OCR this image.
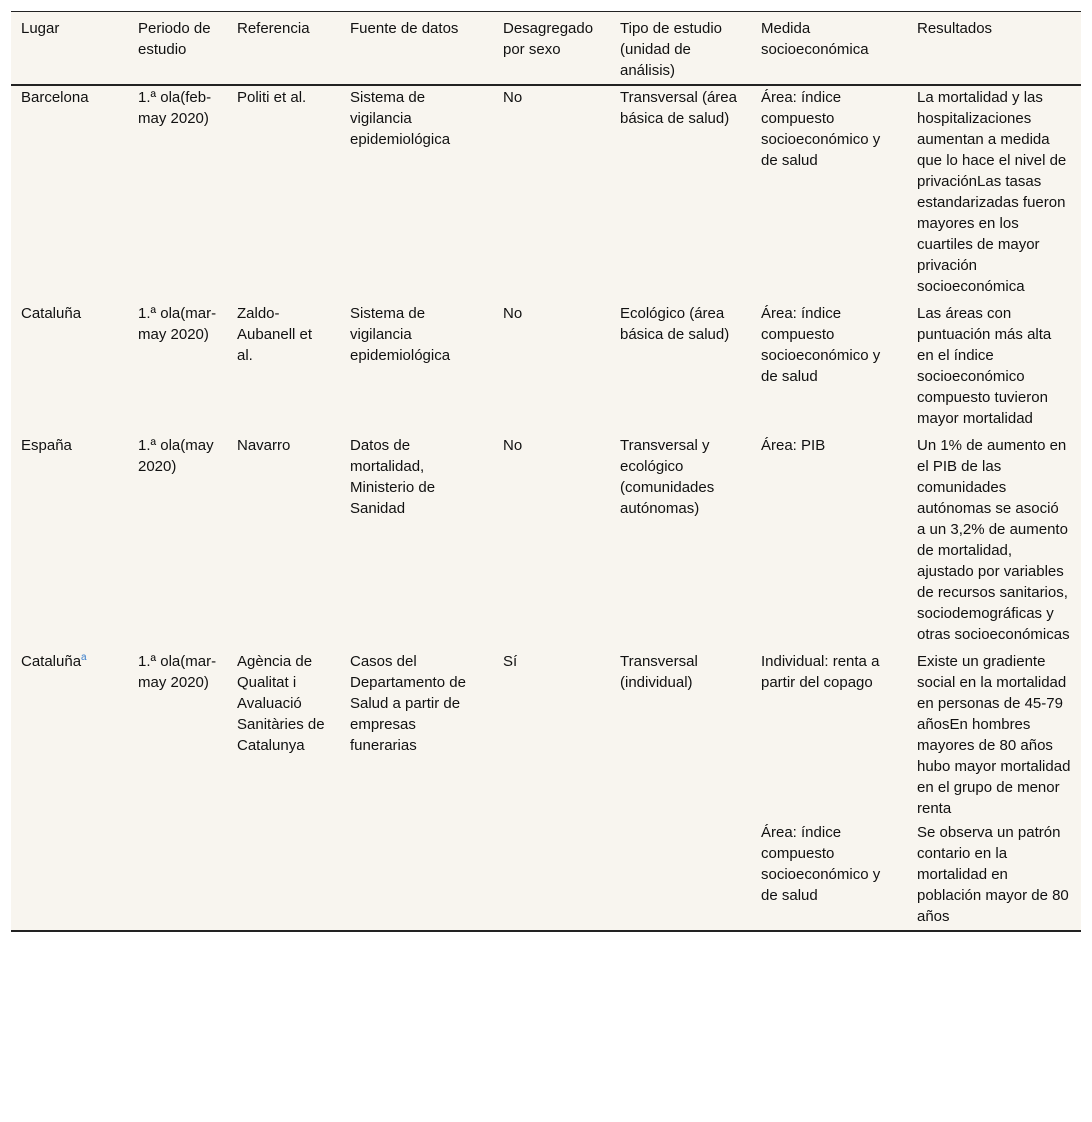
Lugar	Periodo de estudio	Referencia	Fuente de datos	Desagregado por sexo	Tipo de estudio (unidad de análisis)	Medida socioeconómica	Resultados
Barcelona	1.ª ola(feb-may 2020)	Politi et al.	Sistema de vigilancia epidemiológica	No	Transversal (área básica de salud)	Área: índice compuesto socioeconómico y de salud	La mortalidad y las hospitalizaciones aumentan a medida que lo hace el nivel de privaciónLas tasas estandarizadas fueron mayores en los cuartiles de mayor privación socioeconómica
Cataluña	1.ª ola(mar-may 2020)	Zaldo-Aubanell et al.	Sistema de vigilancia epidemiológica	No	Ecológico (área básica de salud)	Área: índice compuesto socioeconómico y de salud	Las áreas con puntuación más alta en el índice socioeconómico compuesto tuvieron mayor mortalidad
España	1.ª ola(may 2020)	Navarro	Datos de mortalidad, Ministerio de Sanidad	No	Transversal y ecológico (comunidades autónomas)	Área: PIB	Un 1% de aumento en el PIB de las comunidades autónomas se asoció a un 3,2% de aumento de mortalidad, ajustado por variables de recursos sanitarios, sociodemográficas y otras socioeconómicas
Cataluña$^a$	1.ª ola(mar-may 2020)	Agència de Qualitat i Avaluació Sanitàries de Catalunya	Casos del Departamento de Salud a partir de empresas funerarias	Sí	Transversal (individual)	Individual: renta a partir del copago	Existe un gradiente social en la mortalidad en personas de 45-79 añosEn hombres mayores de 80 años hubo mayor mortalidad en el grupo de menor renta
						Área: índice compuesto socioeconómico y de salud	Se observa un patrón contario en la mortalidad en población mayor de 80 años
